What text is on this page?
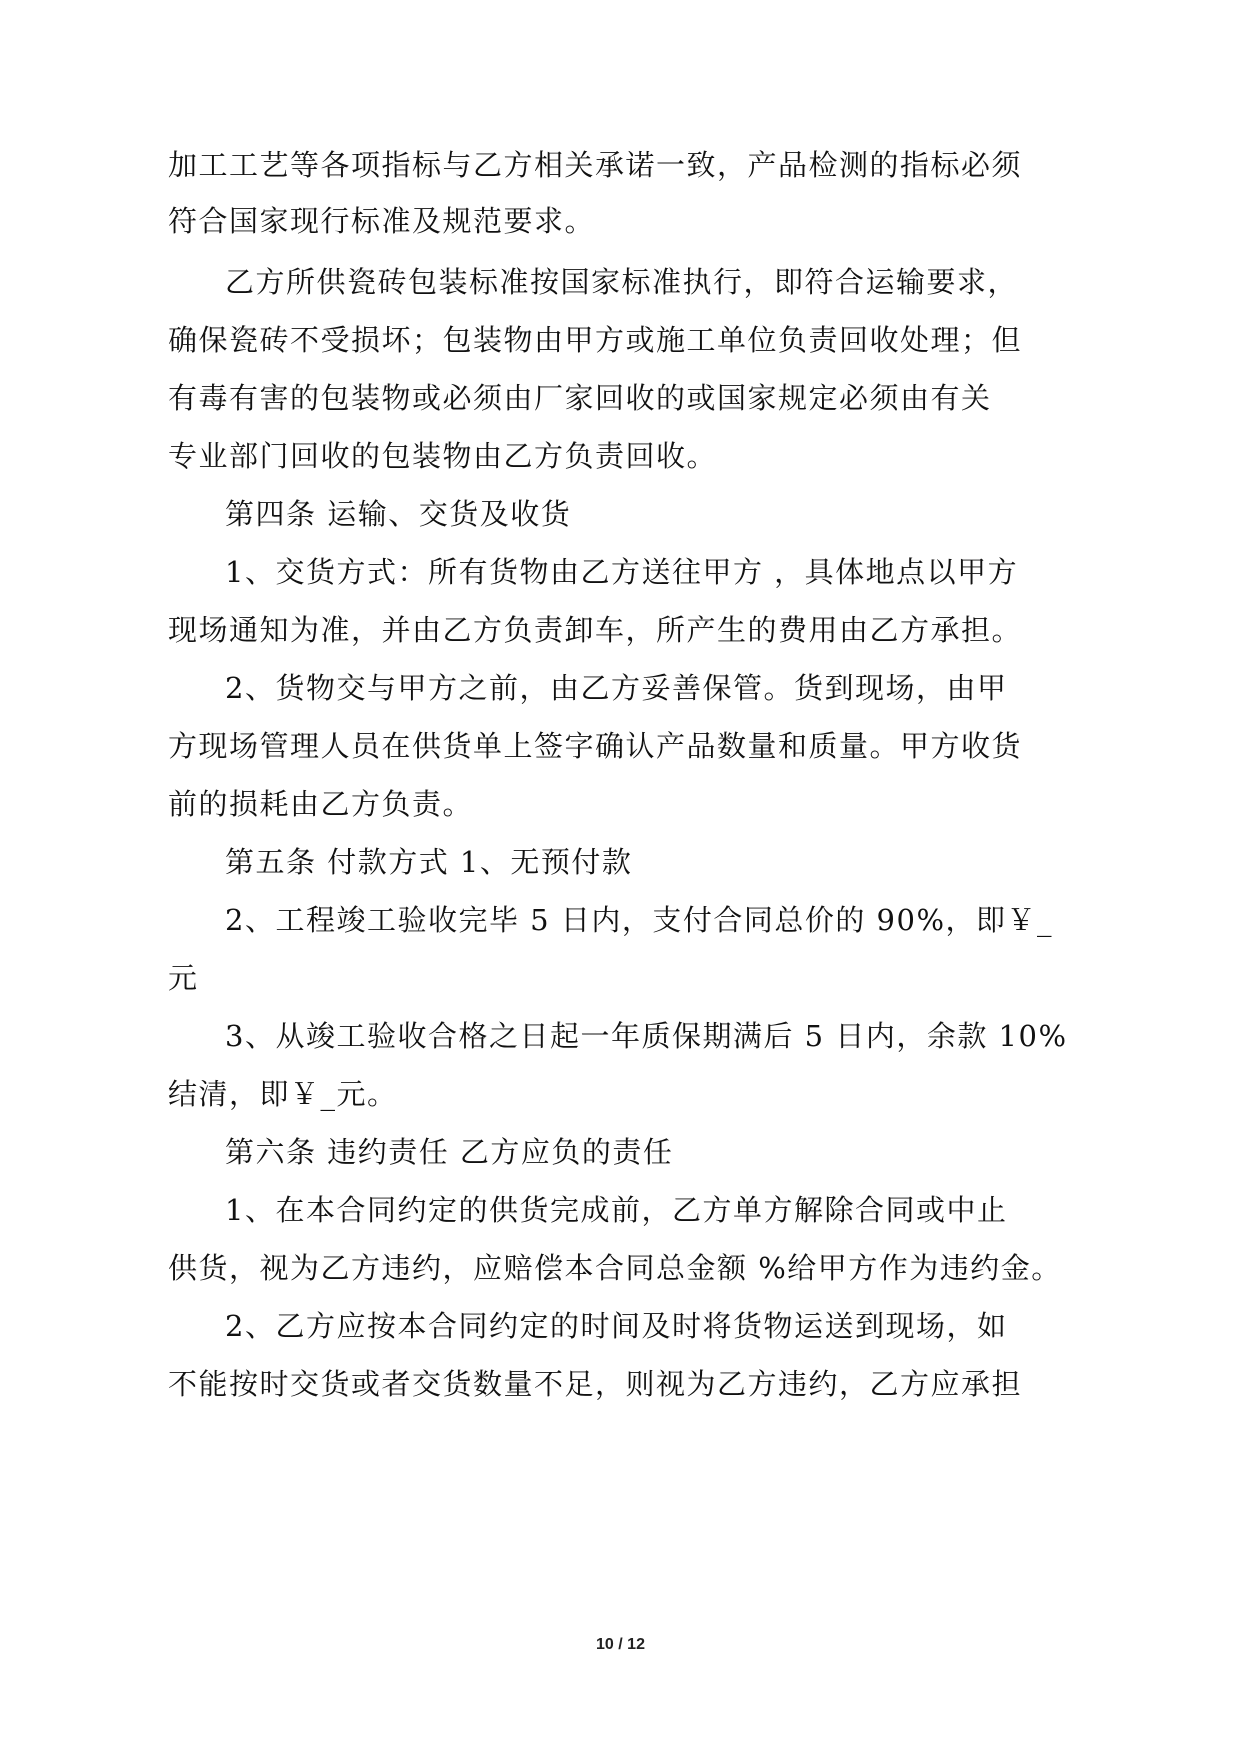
加工工艺等各项指标与乙方相关承诺一致，产品检测的指标必须
符合国家现行标准及规范要求。
乙方所供瓷砖包装标准按国家标准执行，即符合运输要求，
确保瓷砖不受损坏；包装物由甲方或施工单位负责回收处理；但
有毒有害的包装物或必须由厂家回收的或国家规定必须由有关
专业部门回收的包装物由乙方负责回收。
第四条 运输、交货及收货
1、交货方式：所有货物由乙方送往甲方 ，具体地点以甲方
现场通知为准，并由乙方负责卸车，所产生的费用由乙方承担。
2、货物交与甲方之前，由乙方妥善保管。货到现场，由甲
方现场管理人员在供货单上签字确认产品数量和质量。甲方收货
前的损耗由乙方负责。
第五条 付款方式 1、无预付款
2、工程竣工验收完毕 5 日内，支付合同总价的 90%，即￥_
元
3、从竣工验收合格之日起一年质保期满后 5 日内，余款 10%
结清，即￥_元。
第六条 违约责任 乙方应负的责任
1、在本合同约定的供货完成前，乙方单方解除合同或中止
供货，视为乙方违约，应赔偿本合同总金额 %给甲方作为违约金。
2、乙方应按本合同约定的时间及时将货物运送到现场，如
不能按时交货或者交货数量不足，则视为乙方违约，乙方应承担
10 / 12
